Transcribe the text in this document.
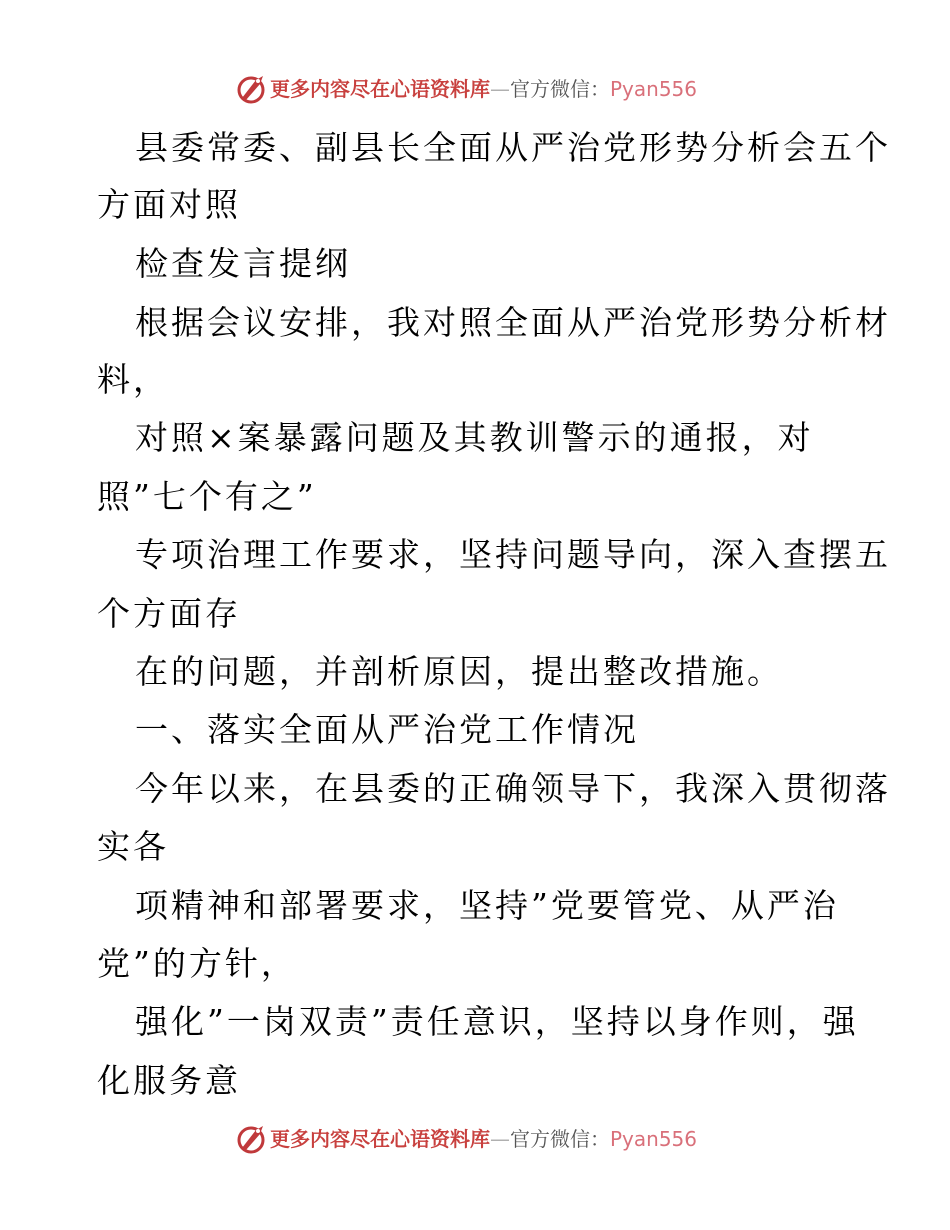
更多内容尽在心语资料库—官方微信：Pyan556
县委常委、副县长全面从严治党形势分析会五个
方面对照
检查发言提纲
根据会议安排，我对照全面从严治党形势分析材
料，
对照×案暴露问题及其教训警示的通报，对
照”七个有之”
专项治理工作要求，坚持问题导向，深入查摆五
个方面存
在的问题，并剖析原因，提出整改措施。
一、落实全面从严治党工作情况
今年以来，在县委的正确领导下，我深入贯彻落
实各
项精神和部署要求，坚持”党要管党、从严治
党”的方针，
强化”一岗双责”责任意识，坚持以身作则，强
化服务意
更多内容尽在心语资料库—官方微信：Pyan556
